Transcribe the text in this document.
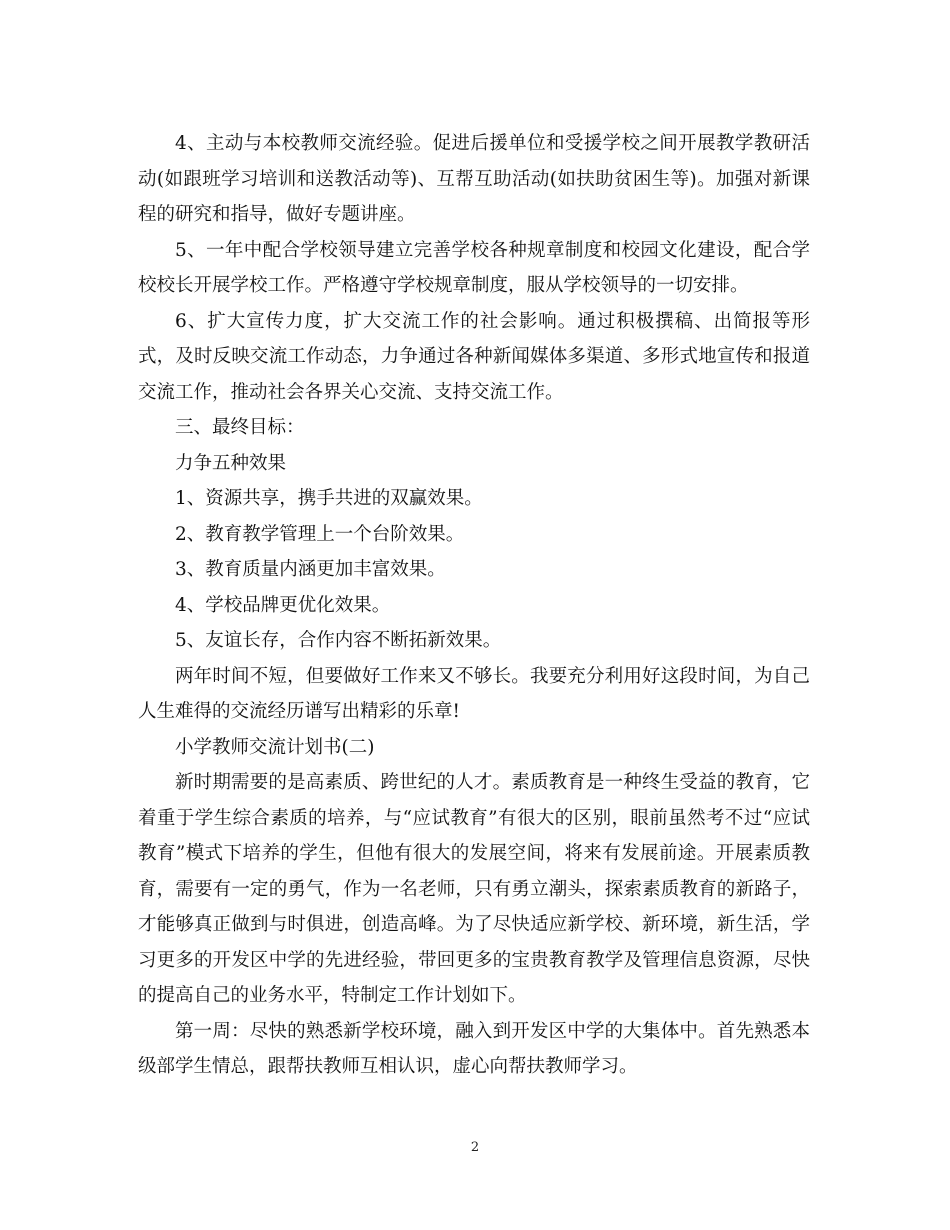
4、主动与本校教师交流经验。促进后援单位和受援学校之间开展教学教研活动(如跟班学习培训和送教活动等)、互帮互助活动(如扶助贫困生等)。加强对新课程的研究和指导，做好专题讲座。

5、一年中配合学校领导建立完善学校各种规章制度和校园文化建设，配合学校校长开展学校工作。严格遵守学校规章制度，服从学校领导的一切安排。

6、扩大宣传力度，扩大交流工作的社会影响。通过积极撰稿、出简报等形式，及时反映交流工作动态，力争通过各种新闻媒体多渠道、多形式地宣传和报道交流工作，推动社会各界关心交流、支持交流工作。

三、最终目标：

力争五种效果

1、资源共享，携手共进的双赢效果。

2、教育教学管理上一个台阶效果。

3、教育质量内涵更加丰富效果。

4、学校品牌更优化效果。

5、友谊长存，合作内容不断拓新效果。

两年时间不短，但要做好工作来又不够长。我要充分利用好这段时间，为自己人生难得的交流经历谱写出精彩的乐章!

小学教师交流计划书(二)

新时期需要的是高素质、跨世纪的人才。素质教育是一种终生受益的教育，它着重于学生综合素质的培养，与“应试教育”有很大的区别，眼前虽然考不过“应试教育”模式下培养的学生，但他有很大的发展空间，将来有发展前途。开展素质教育，需要有一定的勇气，作为一名老师，只有勇立潮头，探索素质教育的新路子，才能够真正做到与时俱进，创造高峰。为了尽快适应新学校、新环境，新生活，学习更多的开发区中学的先进经验，带回更多的宝贵教育教学及管理信息资源，尽快的提高自己的业务水平，特制定工作计划如下。

第一周：尽快的熟悉新学校环境，融入到开发区中学的大集体中。首先熟悉本级部学生情总，跟帮扶教师互相认识，虚心向帮扶教师学习。

2
